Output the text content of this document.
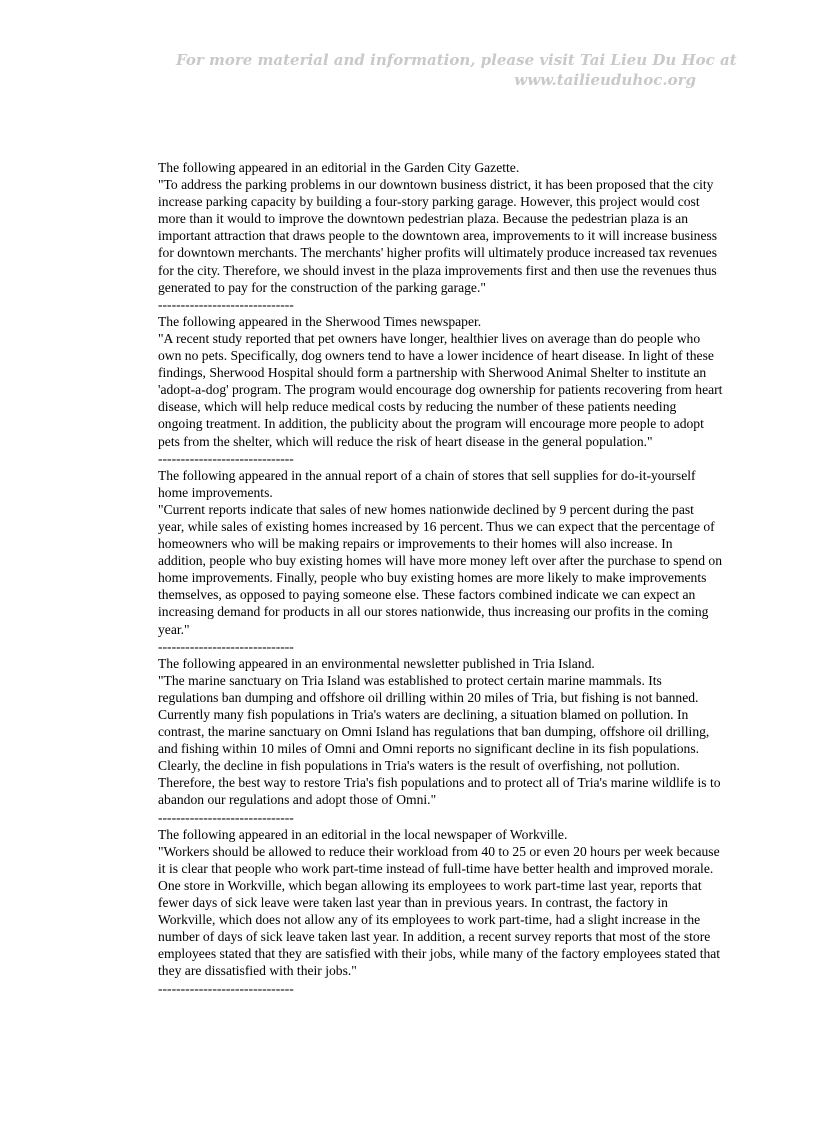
For more material and information, please visit Tai Lieu Du Hoc at
www.tailieuduhoc.org

The following appeared in an editorial in the Garden City Gazette.

"To address the parking problems in our downtown business district, it has been proposed that the city increase parking capacity by building a four-story parking garage. However, this project would cost more than it would to improve the downtown pedestrian plaza. Because the pedestrian plaza is an important attraction that draws people to the downtown area, improvements to it will increase business for downtown merchants. The merchants' higher profits will ultimately produce increased tax revenues for the city. Therefore, we should invest in the plaza improvements first and then use the revenues thus generated to pay for the construction of the parking garage."

------------------------------

The following appeared in the Sherwood Times newspaper.

"A recent study reported that pet owners have longer, healthier lives on average than do people who own no pets. Specifically, dog owners tend to have a lower incidence of heart disease. In light of these findings, Sherwood Hospital should form a partnership with Sherwood Animal Shelter to institute an 'adopt-a-dog' program. The program would encourage dog ownership for patients recovering from heart disease, which will help reduce medical costs by reducing the number of these patients needing ongoing treatment. In addition, the publicity about the program will encourage more people to adopt pets from the shelter, which will reduce the risk of heart disease in the general population."

------------------------------

The following appeared in the annual report of a chain of stores that sell supplies for do-it-yourself home improvements.

"Current reports indicate that sales of new homes nationwide declined by 9 percent during the past year, while sales of existing homes increased by 16 percent. Thus we can expect that the percentage of homeowners who will be making repairs or improvements to their homes will also increase. In addition, people who buy existing homes will have more money left over after the purchase to spend on home improvements. Finally, people who buy existing homes are more likely to make improvements themselves, as opposed to paying someone else. These factors combined indicate we can expect an increasing demand for products in all our stores nationwide, thus increasing our profits in the coming year."

------------------------------

The following appeared in an environmental newsletter published in Tria Island.

"The marine sanctuary on Tria Island was established to protect certain marine mammals. Its regulations ban dumping and offshore oil drilling within 20 miles of Tria, but fishing is not banned. Currently many fish populations in Tria's waters are declining, a situation blamed on pollution. In contrast, the marine sanctuary on Omni Island has regulations that ban dumping, offshore oil drilling, and fishing within 10 miles of Omni and Omni reports no significant decline in its fish populations. Clearly, the decline in fish populations in Tria's waters is the result of overfishing, not pollution. Therefore, the best way to restore Tria's fish populations and to protect all of Tria's marine wildlife is to abandon our regulations and adopt those of Omni."

------------------------------

The following appeared in an editorial in the local newspaper of Workville.

"Workers should be allowed to reduce their workload from 40 to 25 or even 20 hours per week because it is clear that people who work part-time instead of full-time have better health and improved morale. One store in Workville, which began allowing its employees to work part-time last year, reports that fewer days of sick leave were taken last year than in previous years. In contrast, the factory in Workville, which does not allow any of its employees to work part-time, had a slight increase in the number of days of sick leave taken last year. In addition, a recent survey reports that most of the store employees stated that they are satisfied with their jobs, while many of the factory employees stated that they are dissatisfied with their jobs."

------------------------------
